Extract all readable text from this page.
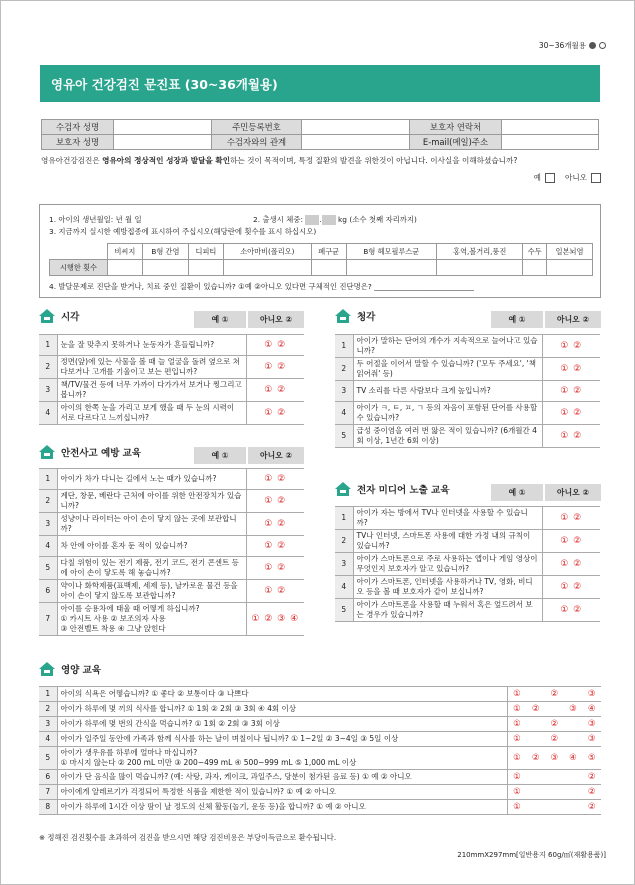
30~36개월용
영유아 건강검진 문진표 (30~36개월용)
수검자 성명		주민등록번호		보호자 연락처	
보호자 성명		수검자와의 관계		E-mail(메일)주소	
영유아건강검진은 영유아의 정상적인 성장과 발달을 확인하는 것이 목적이며, 특정 질환의 발견을 위한것이 아닙니다. 이사실을 이해하셨습니까?
예	아니오
1. 아이의 생년월일: 년 월 일	2. 출생시 체중: . kg (소수 첫째 자리까지)
3. 지금까지 실시한 예방접종에 표시하여 주십시오(해당란에 횟수를 표시 하십시오)
	비씨지	B형 간염	디피티	소아마비(폴리오)	폐구균	B형 헤모필루스균	홍역,볼거리,풍진	수두	일본뇌염
시행한 횟수									
4. 발달문제로 진단을 받거나, 치료 중인 질환이 있습니까? ①예 ②아니오 있다면 구체적인 진단명은? ___________________________
시각	예 ①	아니오 ②
1	눈을 잘 맞추지 못하거나 눈동자가 흔들립니까?	① ②
2	정면(앞)에 있는 사물을 볼 때 늘 얼굴을 돌려 옆으로 쳐다보거나 고개를 기울이고 보는 편입니까?	① ②
3	책/TV/물건 등에 너무 가까이 다가가서 보거나 찡그리고 봅니까?	① ②
4	아이의 한쪽 눈을 가리고 보게 했을 때 두 눈의 시력이 서로 다르다고 느끼십니까?	① ②
안전사고 예방 교육	예 ①	아니오 ②
1	아이가 차가 다니는 길에서 노는 때가 있습니까?	① ②
2	계단, 창문, 베란다 근처에 아이를 위한 안전장치가 있습니까?	① ②
3	성냥이나 라이터는 아이 손이 닿지 않는 곳에 보관합니까?	① ②
4	차 안에 아이를 혼자 둔 적이 있습니까?	① ②
5	다칠 위험이 있는 전기 제품, 전기 코드, 전기 콘센트 등에 아이 손이 닿도록 해 놓습니까?	① ②
6	약이나 화학제품(표백제, 세제 등), 날카로운 물건 등을 아이 손이 닿지 않도록 보관합니까?	① ②
7	아이를 승용차에 태울 때 어떻게 하십니까?
① 카시트 사용 ② 보조의자 사용
③ 안전벨트 착용 ④ 그냥 앉힌다	① ② ③ ④
청각	예 ①	아니오 ②
1	아이가 말하는 단어의 개수가 지속적으로 늘어나고 있습니까?	① ②
2	두 어절을 이어서 말할 수 있습니까? ('모두 주세요', '책 읽어줘' 등)	① ②
3	TV 소리를 다른 사람보다 크게 높입니까?	① ②
4	아이가 ㅋ, ㅌ, ㅍ, ㄱ 등의 자음이 포함된 단어를 사용할 수 있습니까?	① ②
5	급성 중이염을 여러 번 앓은 적이 있습니까? (6개월간 4회 이상, 1년간 6회 이상)	① ②
전자 미디어 노출 교육	예 ①	아니오 ②
1	아이가 자는 방에서 TV나 인터넷을 사용할 수 있습니까?	① ②
2	TV나 인터넷, 스마트폰 사용에 대한 가정 내의 규칙이 있습니까?	① ②
3	아이가 스마트폰으로 주로 사용하는 앱이나 게임 영상이 무엇인지 보호자가 알고 있습니까?	① ②
4	아이가 스마트폰, 인터넷을 사용하거나 TV, 영화, 비디오 등을 볼 때 보호자가 같이 보십니까?	① ②
5	아이가 스마트폰을 사용할 때 누워서 혹은 엎드려서 보는 경우가 있습니까?	① ②
영양 교육
1	아이의 식욕은 어떻습니까? ① 좋다 ② 보통이다 ③ 나쁘다	①		②		③
2	아이가 하루에 몇 끼의 식사를 합니까? ① 1회 ② 2회 ③ 3회 ④ 4회 이상	①	②		③	④
3	아이가 하루에 몇 번의 간식을 먹습니까? ① 1회 ② 2회 ③ 3회 이상	①		②		③
4	아이가 일주일 동안에 가족과 함께 식사를 하는 날이 며칠이나 됩니까? ① 1~2일 ② 3~4일 ③ 5일 이상	①		②		③
5	아이가 생우유를 하루에 얼마나 마십니까?
① 마시지 않는다 ② 200 mL 미만 ③ 200~499 mL ④ 500~999 mL ⑤ 1,000 mL 이상	①	②	③	④	⑤
6	아이가 단 음식을 많이 먹습니까? (예: 사탕, 과자, 케이크, 과일주스, 당분이 첨가된 음료 등) ① 예 ② 아니오	①				②
7	아이에게 알레르기가 걱정되어 특정한 식품을 제한한 적이 있습니까? ① 예 ② 아니오	①				②
8	아이가 하루에 1시간 이상 땀이 날 정도의 신체 활동(놀기, 운동 등)을 합니까? ① 예 ② 아니오	①				②
※ 정해진 검진횟수를 초과하여 검진을 받으시면 해당 검진비용은 부당이득금으로 환수됩니다.
210mmX297mm[일반용지 60g/㎡(재활용품)]
